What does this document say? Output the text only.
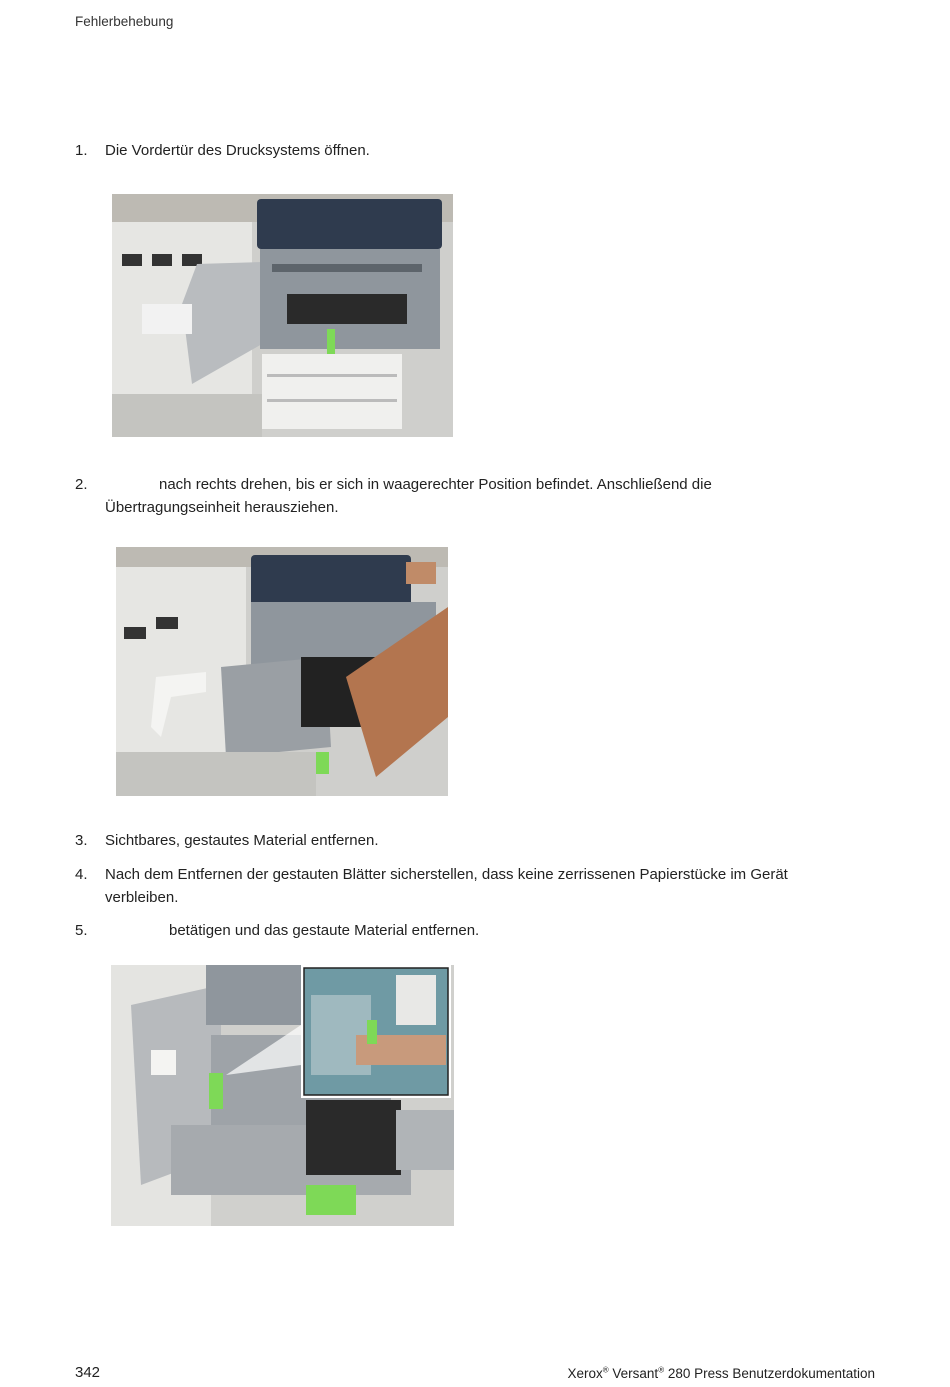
Fehlerbehebung
1. Die Vordertür des Drucksystems öffnen.
2.	nach rechts drehen, bis er sich in waagerechter Position befindet. Anschließend die
Übertragungseinheit herausziehen.
3. Sichtbares, gestautes Material entfernen.
4. Nach dem Entfernen der gestauten Blätter sicherstellen, dass keine zerrissenen Papierstücke im Gerät
verbleiben.
5.	betätigen und das gestaute Material entfernen.
342	Xerox® Versant® 280 Press Benutzerdokumentation
